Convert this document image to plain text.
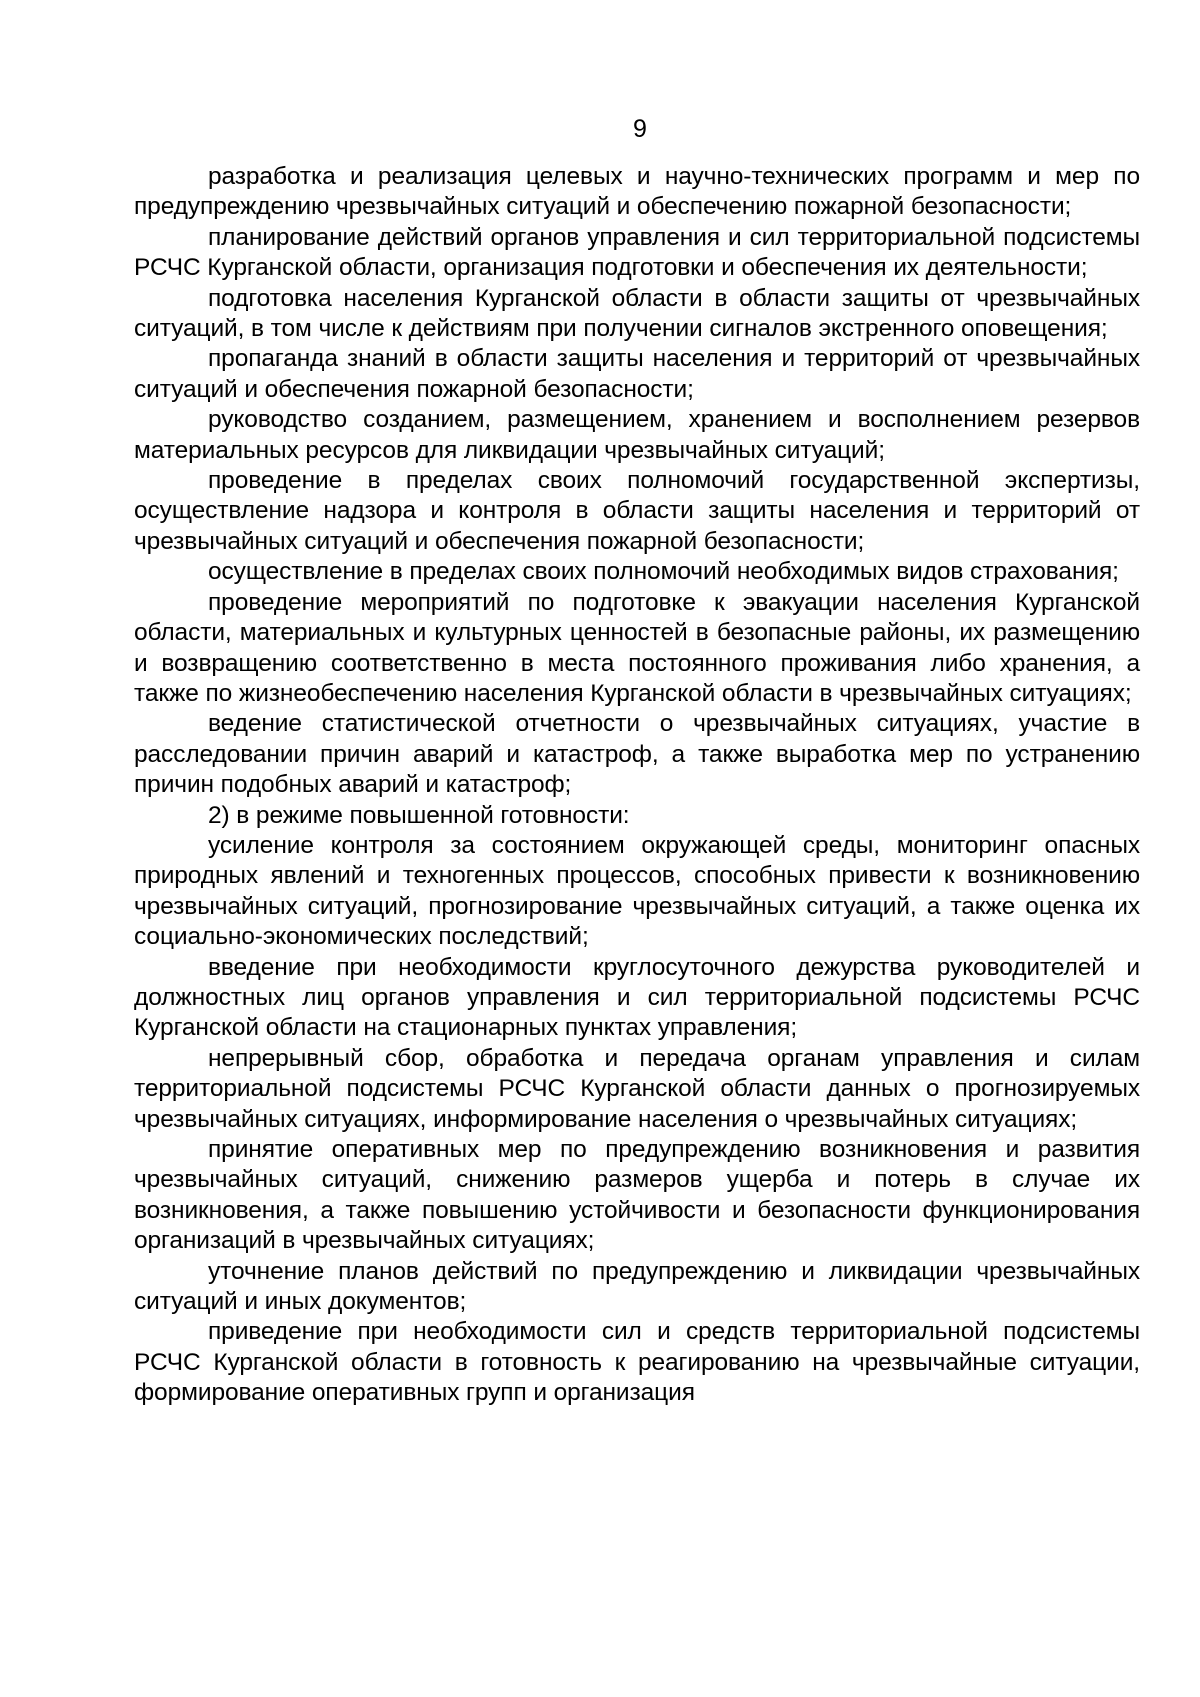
9

разработка и реализация целевых и научно-технических программ и мер по предупреждению чрезвычайных ситуаций и обеспечению пожарной безопасности;

планирование действий органов управления и сил территориальной подсистемы РСЧС Курганской области, организация подготовки и обеспечения их деятельности;

подготовка населения Курганской области в области защиты от чрезвычайных ситуаций, в том числе к действиям при получении сигналов экстренного оповещения;

пропаганда знаний в области защиты населения и территорий от чрезвычайных ситуаций и обеспечения пожарной безопасности;

руководство созданием, размещением, хранением и восполнением резервов материальных ресурсов для ликвидации чрезвычайных ситуаций;

проведение в пределах своих полномочий государственной экспертизы, осуществление надзора и контроля в области защиты населения и территорий от чрезвычайных ситуаций и обеспечения пожарной безопасности;

осуществление в пределах своих полномочий необходимых видов страхования;

проведение мероприятий по подготовке к эвакуации населения Курганской области, материальных и культурных ценностей в безопасные районы, их размещению и возвращению соответственно в места постоянного проживания либо хранения, а также по жизнеобеспечению населения Курганской области в чрезвычайных ситуациях;

ведение статистической отчетности о чрезвычайных ситуациях, участие в расследовании причин аварий и катастроф, а также выработка мер по устранению причин подобных аварий и катастроф;

2) в режиме повышенной готовности:

усиление контроля за состоянием окружающей среды, мониторинг опасных природных явлений и техногенных процессов, способных привести к возникновению чрезвычайных ситуаций, прогнозирование чрезвычайных ситуаций, а также оценка их социально-экономических последствий;

введение при необходимости круглосуточного дежурства руководителей и должностных лиц органов управления и сил территориальной подсистемы РСЧС Курганской области на стационарных пунктах управления;

непрерывный сбор, обработка и передача органам управления и силам территориальной подсистемы РСЧС Курганской области данных о прогнозируемых чрезвычайных ситуациях, информирование населения о чрезвычайных ситуациях;

принятие оперативных мер по предупреждению возникновения и развития чрезвычайных ситуаций, снижению размеров ущерба и потерь в случае их возникновения, а также повышению устойчивости и безопасности функционирования организаций в чрезвычайных ситуациях;

уточнение планов действий по предупреждению и ликвидации чрезвычайных ситуаций и иных документов;

приведение при необходимости сил и средств территориальной подсистемы РСЧС Курганской области в готовность к реагированию на чрезвычайные ситуации, формирование оперативных групп и организация
